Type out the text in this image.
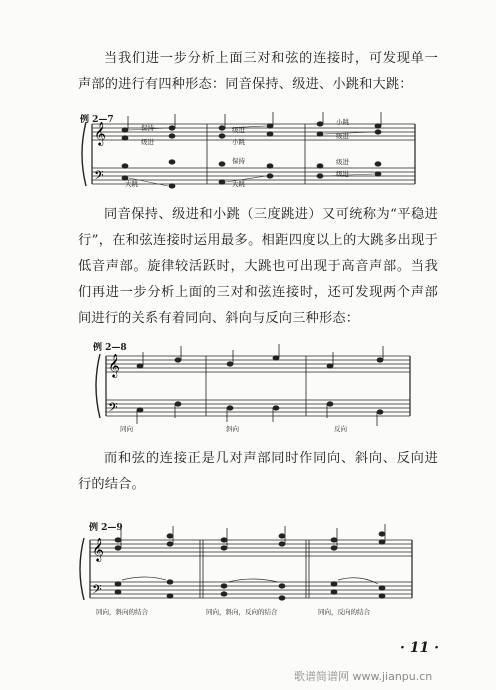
当我们进一步分析上面三对和弦的连接时，可发现单一声部的进行有四种形态：同音保持、级进、小跳和大跳：

例 2—7
𝄞
𝄢
保持
级进
级进
小跳
保持
级进
小跳
大跳	大跳
级进
级进

同音保持、级进和小跳（三度跳进）又可统称为“平稳进行”，在和弦连接时运用最多。相距四度以上的大跳多出现于低音声部。旋律较活跃时，大跳也可出现于高音声部。当我们再进一步分析上面的三对和弦连接时，还可发现两个声部间进行的关系有着同向、斜向与反向三种形态：

例 2—8
𝄞
𝄢
同向	斜向	反向

而和弦的连接正是几对声部同时作同向、斜向、反向进行的结合。

例 2—9
𝄞
𝄢
同向，斜向的结合	同向，斜向，反向的结合	同向，反向的结合
· 11 ·
歌谱简谱网 www.jianpu.cn
